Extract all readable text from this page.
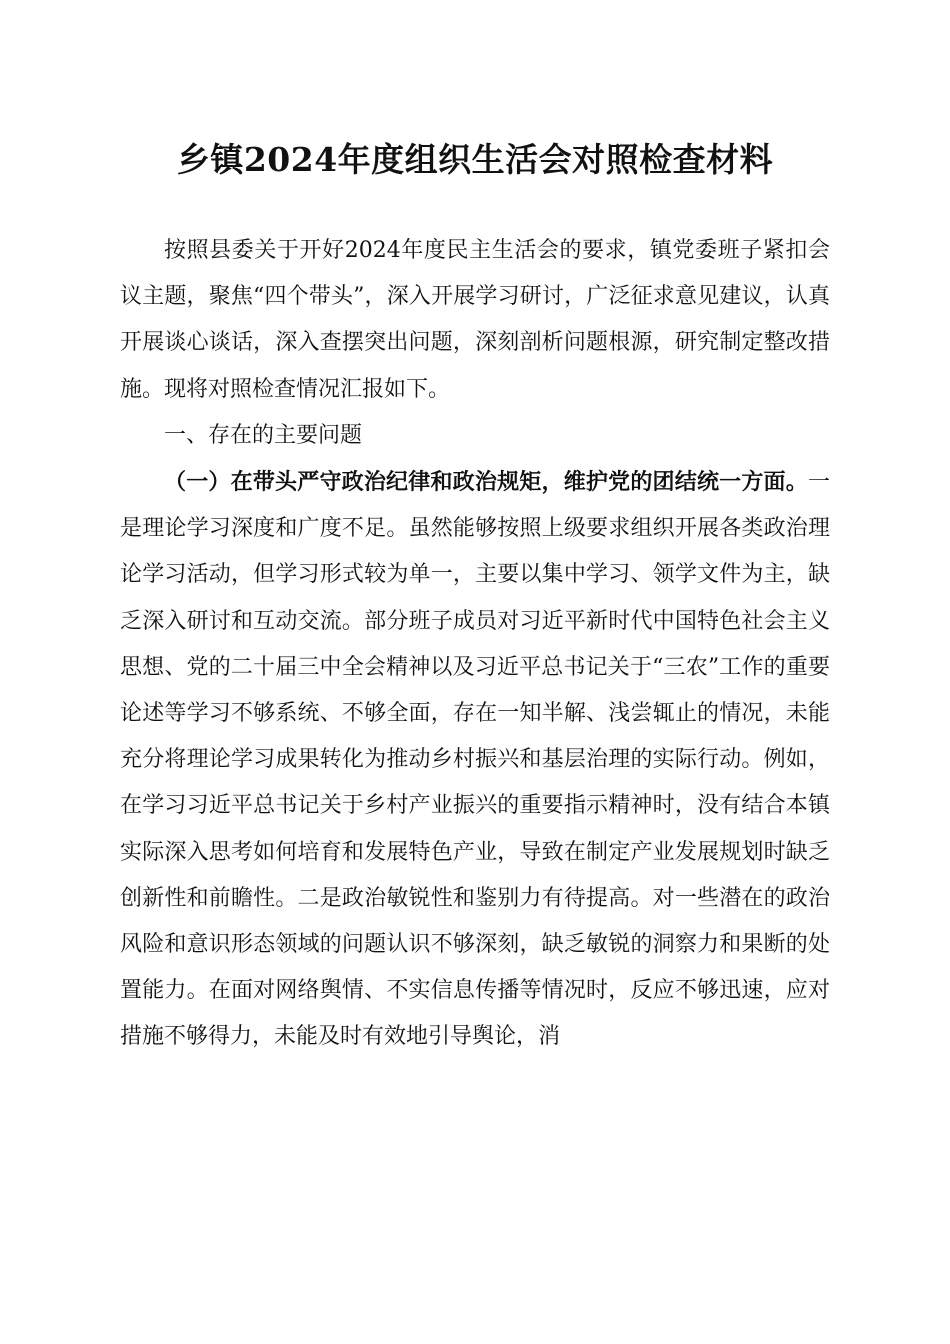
乡镇2024年度组织生活会对照检查材料

按照县委关于开好2024年度民主生活会的要求，镇党委班子紧扣会议主题，聚焦“四个带头”，深入开展学习研讨，广泛征求意见建议，认真开展谈心谈话，深入查摆突出问题，深刻剖析问题根源，研究制定整改措施。现将对照检查情况汇报如下。

一、存在的主要问题

（一）在带头严守政治纪律和政治规矩，维护党的团结统一方面。一是理论学习深度和广度不足。虽然能够按照上级要求组织开展各类政治理论学习活动，但学习形式较为单一，主要以集中学习、领学文件为主，缺乏深入研讨和互动交流。部分班子成员对习近平新时代中国特色社会主义思想、党的二十届三中全会精神以及习近平总书记关于“三农”工作的重要论述等学习不够系统、不够全面，存在一知半解、浅尝辄止的情况，未能充分将理论学习成果转化为推动乡村振兴和基层治理的实际行动。例如，在学习习近平总书记关于乡村产业振兴的重要指示精神时，没有结合本镇实际深入思考如何培育和发展特色产业，导致在制定产业发展规划时缺乏创新性和前瞻性。二是政治敏锐性和鉴别力有待提高。对一些潜在的政治风险和意识形态领域的问题认识不够深刻，缺乏敏锐的洞察力和果断的处置能力。在面对网络舆情、不实信息传播等情况时，反应不够迅速，应对措施不够得力，未能及时有效地引导舆论，消
